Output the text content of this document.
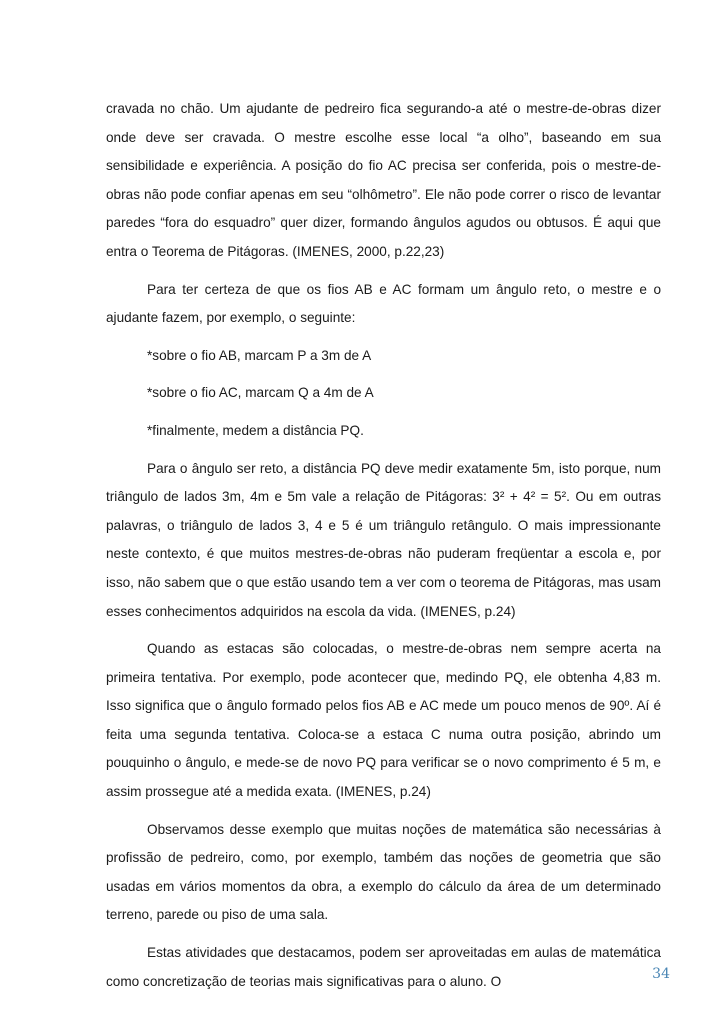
cravada no chão. Um ajudante de pedreiro fica segurando-a até o mestre-de-obras dizer onde deve ser cravada. O mestre escolhe esse local “a olho”, baseando em sua sensibilidade e experiência. A posição do fio AC precisa ser conferida, pois o mestre-de-obras não pode confiar apenas em seu “olhômetro”. Ele não pode correr o risco de levantar paredes “fora do esquadro” quer dizer, formando ângulos agudos ou obtusos. É aqui que entra o Teorema de Pitágoras. (IMENES, 2000, p.22,23)

Para ter certeza de que os fios AB e AC formam um ângulo reto, o mestre e o ajudante fazem, por exemplo, o seguinte:

*sobre o fio AB, marcam P a 3m de A

*sobre o fio AC, marcam Q a 4m de A

*finalmente, medem a distância PQ.

Para o ângulo ser reto, a distância PQ deve medir exatamente 5m, isto porque, num triângulo de lados 3m, 4m e 5m vale a relação de Pitágoras: 3² + 4² = 5². Ou em outras palavras, o triângulo de lados 3, 4 e 5 é um triângulo retângulo. O mais impressionante neste contexto, é que muitos mestres-de-obras não puderam freqüentar a escola e, por isso, não sabem que o que estão usando tem a ver com o teorema de Pitágoras, mas usam esses conhecimentos adquiridos na escola da vida. (IMENES, p.24)

Quando as estacas são colocadas, o mestre-de-obras nem sempre acerta na primeira tentativa. Por exemplo, pode acontecer que, medindo PQ, ele obtenha 4,83 m. Isso significa que o ângulo formado pelos fios AB e AC mede um pouco menos de 90º. Aí é feita uma segunda tentativa. Coloca-se a estaca C numa outra posição, abrindo um pouquinho o ângulo, e mede-se de novo PQ para verificar se o novo comprimento é 5 m, e assim prossegue até a medida exata. (IMENES, p.24)

Observamos desse exemplo que muitas noções de matemática são necessárias à profissão de pedreiro, como, por exemplo, também das noções de geometria que são usadas em vários momentos da obra, a exemplo do cálculo da área de um determinado terreno, parede ou piso de uma sala.

Estas atividades que destacamos, podem ser aproveitadas em aulas de matemática como concretização de teorias mais significativas para o aluno. O	34
